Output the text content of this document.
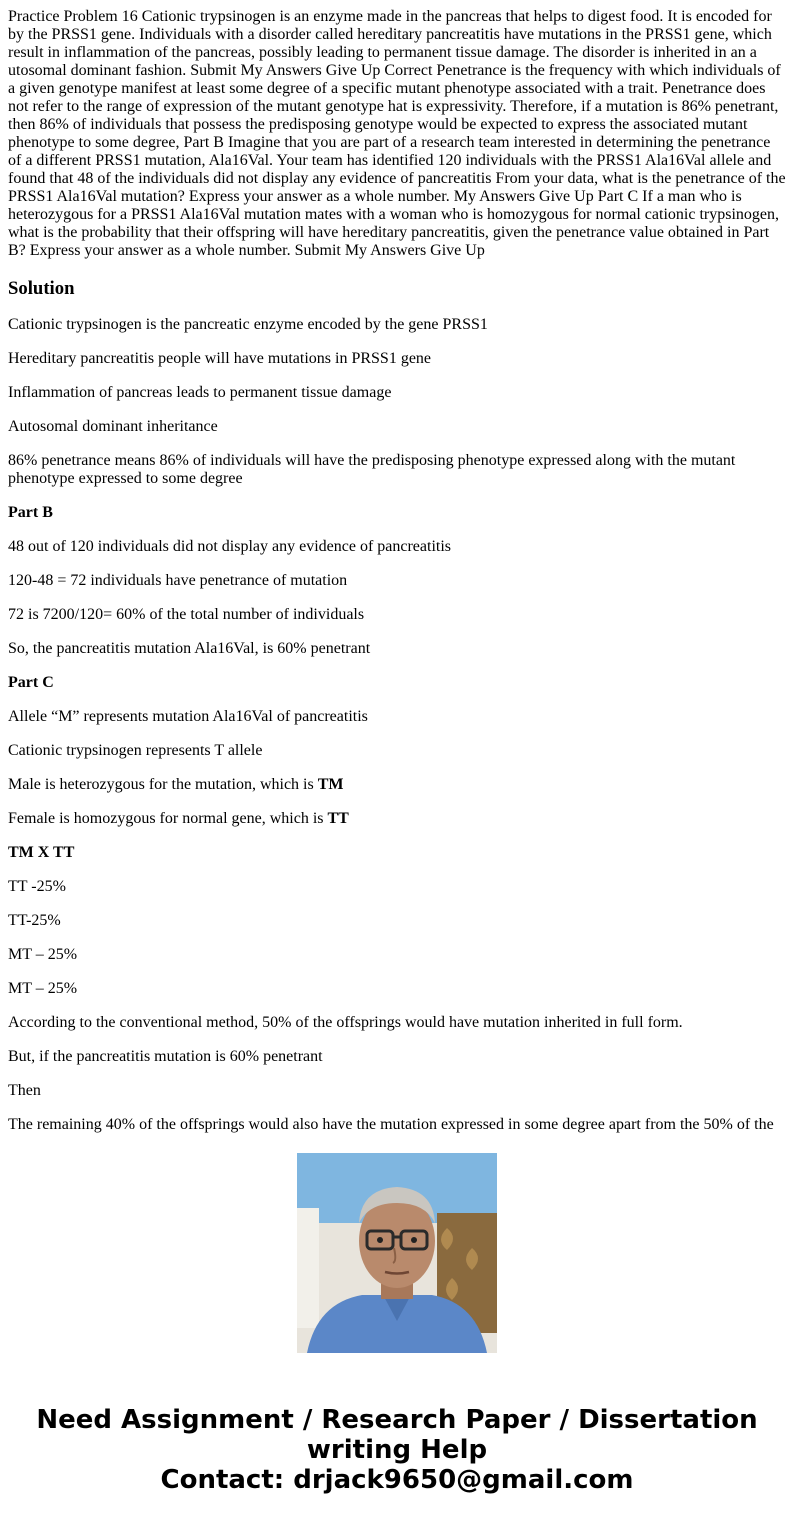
Practice Problem 16 Cationic trypsinogen is an enzyme made in the pancreas that helps to digest food. It is encoded for by the PRSS1 gene. Individuals with a disorder called hereditary pancreatitis have mutations in the PRSS1 gene, which result in inflammation of the pancreas, possibly leading to permanent tissue damage. The disorder is inherited in an a utosomal dominant fashion. Submit My Answers Give Up Correct Penetrance is the frequency with which individuals of a given genotype manifest at least some degree of a specific mutant phenotype associated with a trait. Penetrance does not refer to the range of expression of the mutant genotype hat is expressivity. Therefore, if a mutation is 86% penetrant, then 86% of individuals that possess the predisposing genotype would be expected to express the associated mutant phenotype to some degree, Part B Imagine that you are part of a research team interested in determining the penetrance of a different PRSS1 mutation, Ala16Val. Your team has identified 120 individuals with the PRSS1 Ala16Val allele and found that 48 of the individuals did not display any evidence of pancreatitis From your data, what is the penetrance of the PRSS1 Ala16Val mutation? Express your answer as a whole number. My Answers Give Up Part C If a man who is heterozygous for a PRSS1 Ala16Val mutation mates with a woman who is homozygous for normal cationic trypsinogen, what is the probability that their offspring will have hereditary pancreatitis, given the penetrance value obtained in Part B? Express your answer as a whole number. Submit My Answers Give Up

Solution

Cationic trypsinogen is the pancreatic enzyme encoded by the gene PRSS1

Hereditary pancreatitis people will have mutations in PRSS1 gene

Inflammation of pancreas leads to permanent tissue damage

Autosomal dominant inheritance

86% penetrance means 86% of individuals will have the predisposing phenotype expressed along with the mutant phenotype expressed to some degree

Part B

48 out of 120 individuals did not display any evidence of pancreatitis

120-48 = 72 individuals have penetrance of mutation

72 is 7200/120= 60% of the total number of individuals

So, the pancreatitis mutation Ala16Val, is 60% penetrant

Part C

Allele “M” represents mutation Ala16Val of pancreatitis

Cationic trypsinogen represents T allele

Male is heterozygous for the mutation, which is TM

Female is homozygous for normal gene, which is TT

TM X TT

TT -25%

TT-25%

MT – 25%

MT – 25%

According to the conventional method, 50% of the offsprings would have mutation inherited in full form.

But, if the pancreatitis mutation is 60% penetrant

Then

The remaining 40% of the offsprings would also have the mutation expressed in some degree apart from the 50% of the

Need Assignment / Research Paper / Dissertation
writing Help
Contact: drjack9650@gmail.com
